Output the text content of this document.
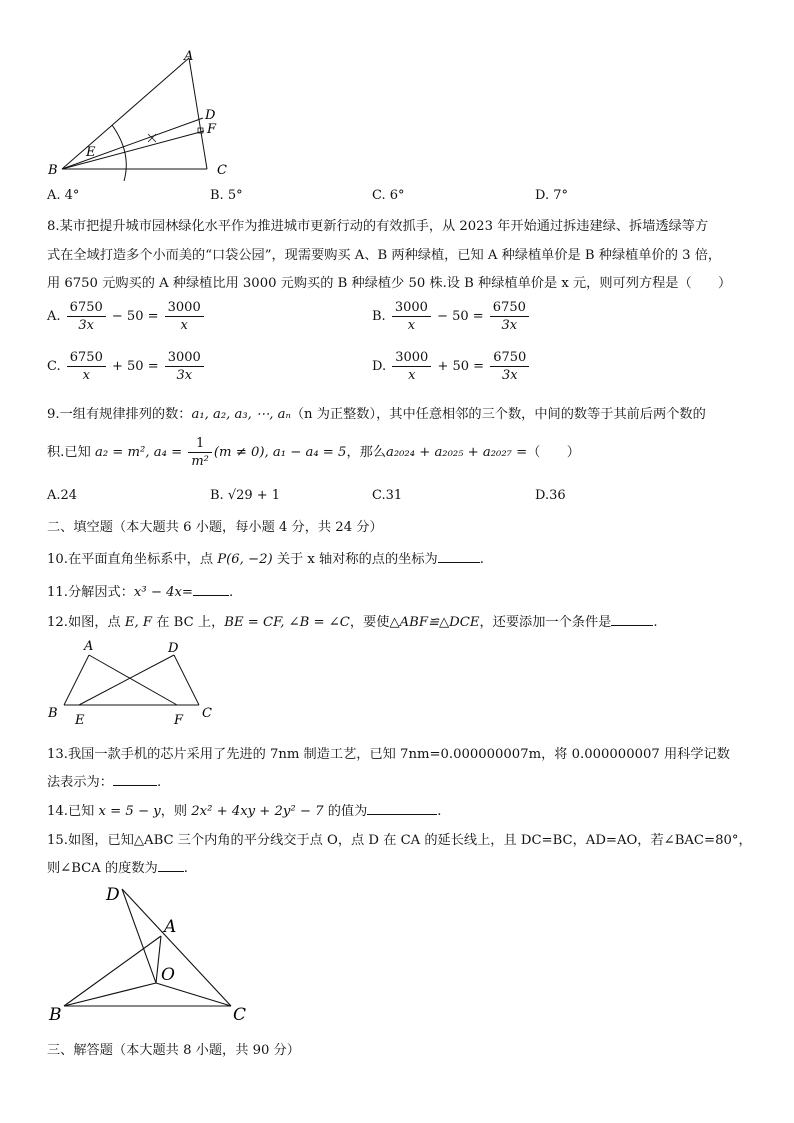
A
D
F
E
B	C
A. 4°	B. 5°	C. 6°	D. 7°
8.某市把提升城市园林绿化水平作为推进城市更新行动的有效抓手，从 2023 年开始通过拆违建绿、拆墙透绿等方
式在全域打造多个小而美的“口袋公园”，现需要购买 A、B 两种绿植，已知 A 种绿植单价是 B 种绿植单价的 3 倍，
用 6750 元购买的 A 种绿植比用 3000 元购买的 B 种绿植少 50 株.设 B 种绿植单价是 x 元，则可列方程是（　　）
A. $\frac{6750}{3x} - 50 = \frac{3000}{x}$	B. $\frac{3000}{x} - 50 = \frac{6750}{3x}$
C. $\frac{6750}{x} + 50 = \frac{3000}{3x}$	D. $\frac{3000}{x} + 50 = \frac{6750}{3x}$
9.一组有规律排列的数：a₁, a₂, a₃, ⋯, aₙ（n 为正整数），其中任意相邻的三个数，中间的数等于其前后两个数的
积.已知 a₂ = m², $a_4 = \frac{1}{\text{m²}} (m \ne 0)$, a₁ − a₄ = 5，那么a₂₀₂₄ + a₂₀₂₅ + a₂₀₂₇ =（　　）
A.24	B. √29 + 1	C.31	D.36
二、填空题（本大题共 6 小题，每小题 4 分，共 24 分）
10.在平面直角坐标系中，点 P(6, −2) 关于 x 轴对称的点的坐标为	.
11.分解因式：x³ − 4x=	.
12.如图，点 E, F 在 BC 上，BE = CF, ∠B = ∠C，要使△ABF≌△DCE，还要添加一个条件是	.
A	D
B E	F C
13.我国一款手机的芯片采用了先进的 7nm 制造工艺，已知 7nm=0.000000007m，将 0.000000007 用科学记数
法表示为：	.
14.已知 x = 5 − y，则 2x² + 4xy + 2y² − 7 的值为	.
15.如图，已知△ABC 三个内角的平分线交于点 O，点 D 在 CA 的延长线上，且 DC=BC，AD=AO，若∠BAC=80°，
则∠BCA 的度数为 .
D
A
O
B	C
三、解答题（本大题共 8 小题，共 90 分）
